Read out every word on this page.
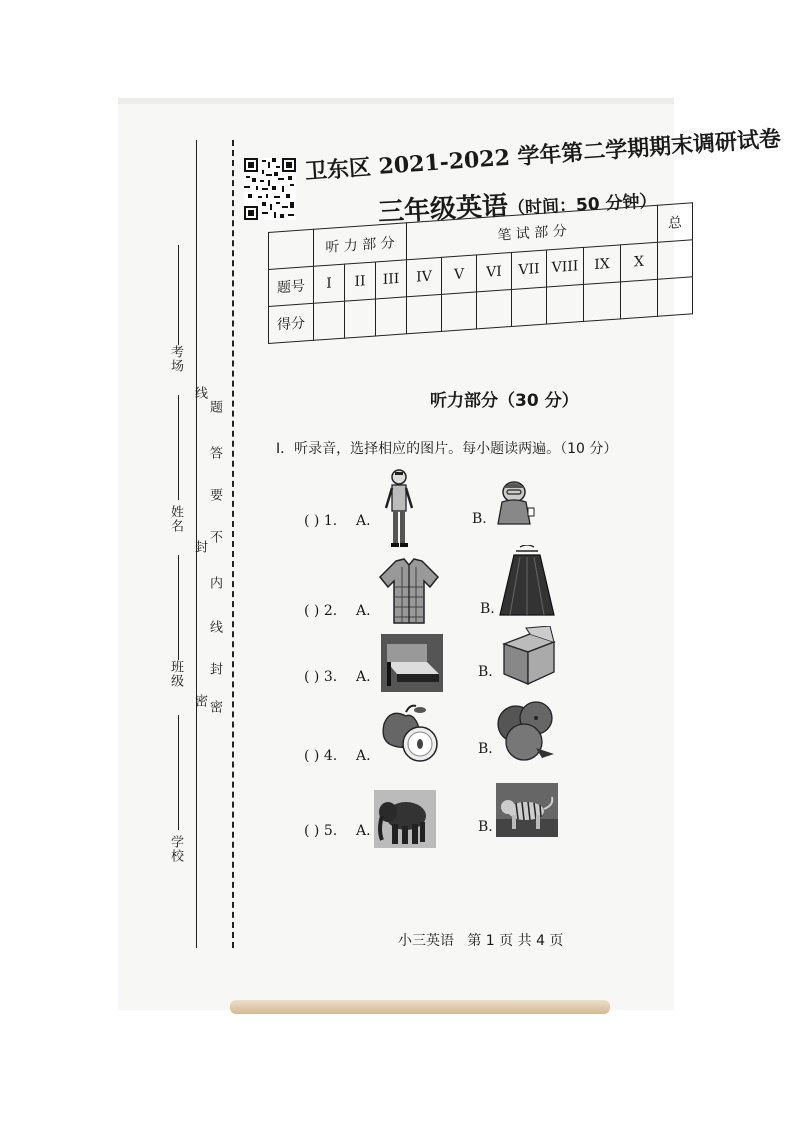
考场
姓名
班级
学校
线
题
答
要
不
封
内
线
封
密 密
卫东区 2021-2022 学年第二学期期末调研试卷
三年级英语（时间：50 分钟）
	听 力 部 分			笔 试 部 分							总
题号	I	II	III	IV	V	VI	VII	VIII	IX	X	
得分											
听力部分（30 分）
I．听录音，选择相应的图片。每小题读两遍。（10 分）
( ) 1. A.	B.
( ) 2. A.	B.
( ) 3. A.	B.
( ) 4. A.	B.
( ) 5. A.	B.
小三英语 第 1 页 共 4 页
